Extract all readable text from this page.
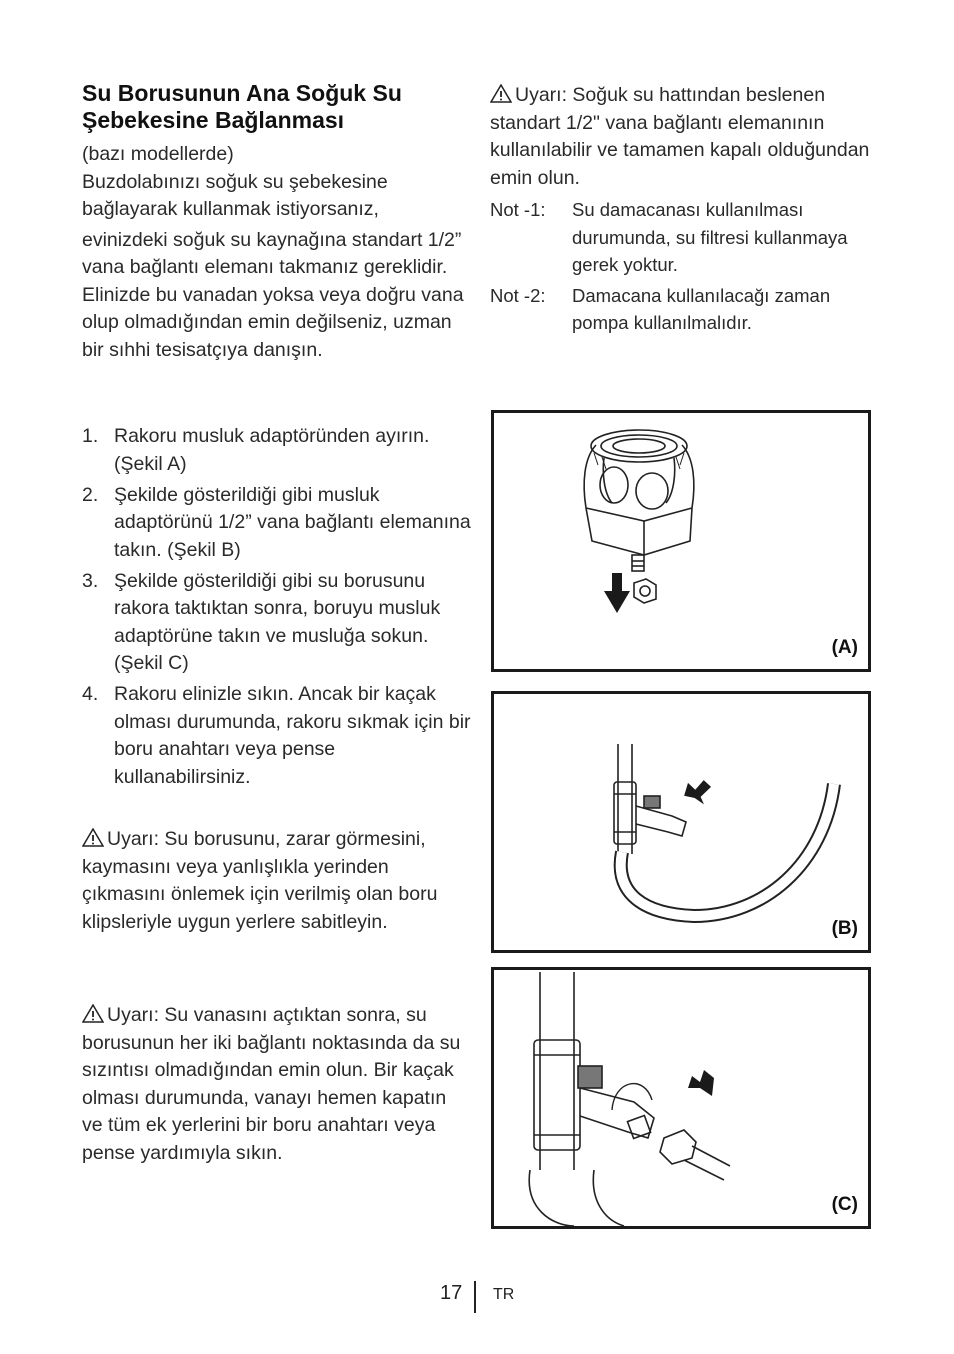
Su Borusunun Ana Soğuk Su Şebekesine Bağlanması

(bazı modellerde)

Buzdolabınızı soğuk su şebekesine bağlayarak kullanmak istiyorsanız,

evinizdeki soğuk su kaynağına standart 1/2” vana bağlantı elemanı takmanız gereklidir. Elinizde bu vanadan yoksa veya doğru vana olup olmadığından emin değilseniz, uzman bir sıhhi tesisatçıya danışın.

1. Rakoru musluk adaptöründen ayırın. (Şekil A)
2. Şekilde gösterildiği gibi musluk adaptörünü 1/2” vana bağlantı elemanına takın. (Şekil B)
3. Şekilde gösterildiği gibi su borusunu rakora taktıktan sonra, boruyu musluk adaptörüne takın ve musluğa sokun. (Şekil C)
4. Rakoru elinizle sıkın. Ancak bir kaçak olması durumunda, rakoru sıkmak için bir boru anahtarı veya pense kullanabilirsiniz.
Uyarı: Su borusunu, zarar görmesini, kaymasını veya yanlışlıkla yerinden çıkmasını önlemek için verilmiş olan boru klipsleriyle uygun yerlere sabitleyin.
Uyarı: Su vanasını açtıktan sonra, su borusunun her iki bağlantı noktasında da su sızıntısı olmadığından emin olun. Bir kaçak olması durumunda, vanayı hemen kapatın ve tüm ek yerlerini bir boru anahtarı veya pense yardımıyla sıkın.
Uyarı: Soğuk su hattından beslenen standart 1/2" vana bağlantı elemanının kullanılabilir ve tamamen kapalı olduğundan emin olun.
Not -1:	Su damacanası kullanılması durumunda, su filtresi kullanmaya gerek yoktur.
Not -2:	Damacana kullanılacağı zaman pompa kullanılmalıdır.
(A)
(B)
(C)
17 TR
